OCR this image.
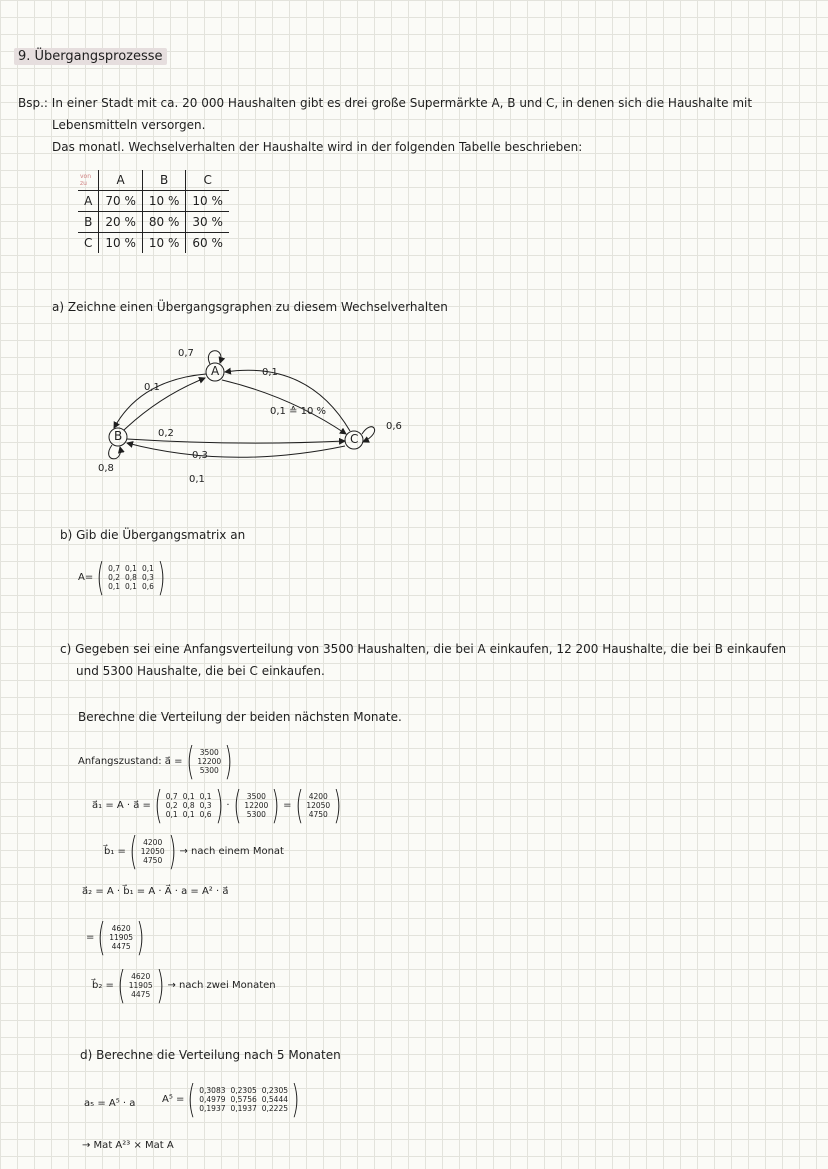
9. Übergangsprozesse
Bsp.: In einer Stadt mit ca. 20 000 Haushalten gibt es drei große Supermärkte A, B und C, in denen sich die Haushalte mit
Lebensmitteln versorgen.
Das monatl. Wechselverhalten der Haushalte wird in der folgenden Tabelle beschrieben:
von
zu	A	B	C
A	70 %	10 %	10 %
B	20 %	80 %	30 %
C	10 %	10 %	60 %
a) Zeichne einen Übergangsgraphen zu diesem Wechselverhalten
A
B	C
0,7
0,8
0,6
0,1
0,2
0,1
0,1 ≙ 10 %
0,3
0,1
b) Gib die Übergangsmatrix an
A= ( 0,7 0,1 0,1
0,2 0,8 0,3
0,1 0,1 0,6 )
c) Gegeben sei eine Anfangsverteilung von 3500 Haushalten, die bei A einkaufen, 12 200 Haushalte, die bei B einkaufen
und 5300 Haushalte, die bei C einkaufen.
Berechne die Verteilung der beiden nächsten Monate.
Anfangszustand: a⃗ = ( 3500
12200
5300 )
a⃗₁ = A · a⃗ = ( 0,7 0,1 0,1
0,2 0,8 0,3
0,1 0,1 0,6 ) · ( 3500
12200
5300 ) = ( 4200
12050
4750 )
b⃗₁ = ( 4200
12050
4750 ) → nach einem Monat
a⃗₂ = A · b⃗₁ = A · A⃗ · a = A² · a⃗
= ( 4620
11905
4475 )
b⃗₂ = ( 4620
11905
4475 ) → nach zwei Monaten
d) Berechne die Verteilung nach 5 Monaten
a₅ = A⁵ · a	A⁵ = ( 0,3083 0,2305 0,2305
0,4979 0,5756 0,5444
0,1937 0,1937 0,2225 )
→ Mat A²³ × Mat A
